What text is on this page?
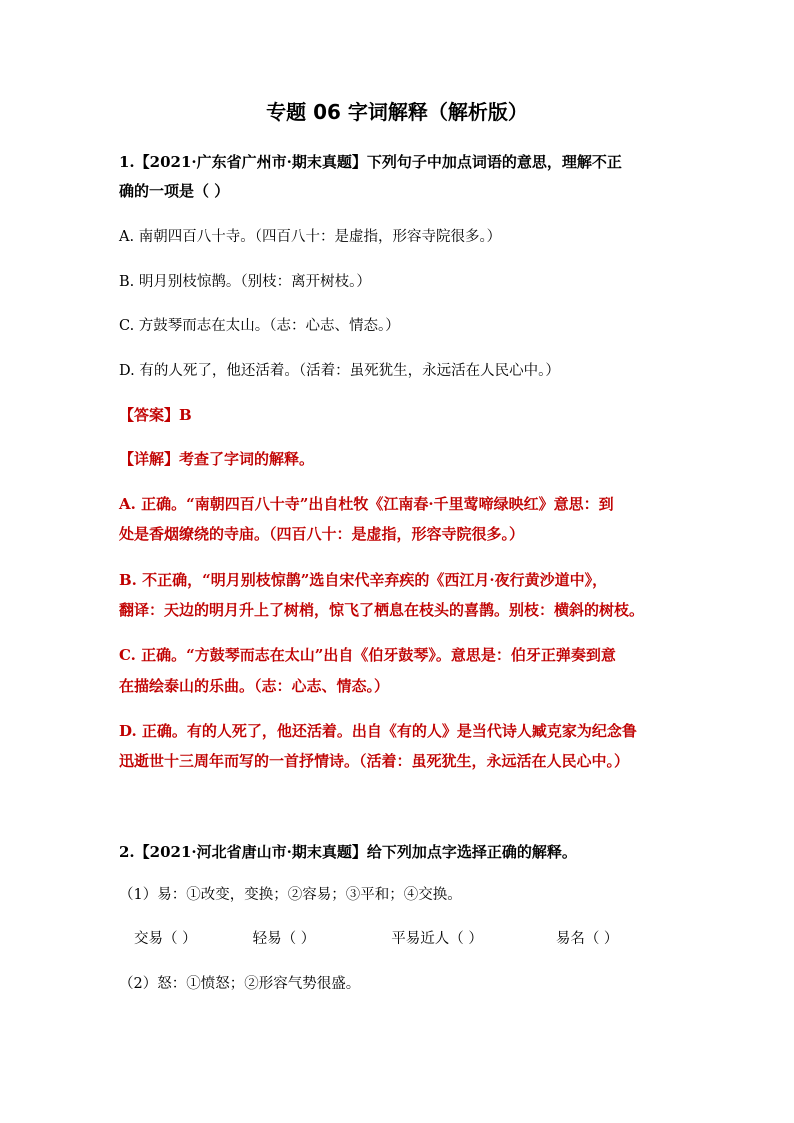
专题 06 字词解释（解析版）
1.【2021·广东省广州市·期末真题】下列句子中加点词语的意思，理解不正
确的一项是（ ）
A. 南朝四百八十寺。（四百八十：是虚指，形容寺院很多。）
B. 明月别枝惊鹊。（别枝：离开树枝。）
C. 方鼓琴而志在太山。（志：心志、情态。）
D. 有的人死了，他还活着。（活着：虽死犹生，永远活在人民心中。）
【答案】B
【详解】考查了字词的解释。
A. 正确。“南朝四百八十寺”出自杜牧《江南春·千里莺啼绿映红》意思：到
处是香烟缭绕的寺庙。（四百八十：是虚指，形容寺院很多。）
B. 不正确，“明月别枝惊鹊”选自宋代辛弃疾的《西江月·夜行黄沙道中》，
翻译：天边的明月升上了树梢，惊飞了栖息在枝头的喜鹊。别枝：横斜的树枝。
C. 正确。“方鼓琴而志在太山”出自《伯牙鼓琴》。意思是：伯牙正弹奏到意
在描绘泰山的乐曲。（志：心志、情态。）
D. 正确。有的人死了，他还活着。出自《有的人》是当代诗人臧克家为纪念鲁
迅逝世十三周年而写的一首抒情诗。（活着：虽死犹生，永远活在人民心中。）
2.【2021·河北省唐山市·期末真题】给下列加点字选择正确的解释。
（1）易：①改变，变换；②容易；③平和；④交换。
交易（ ）	轻易（ ）	平易近人（ ）	易名（ ）
（2）怒：①愤怒；②形容气势很盛。
